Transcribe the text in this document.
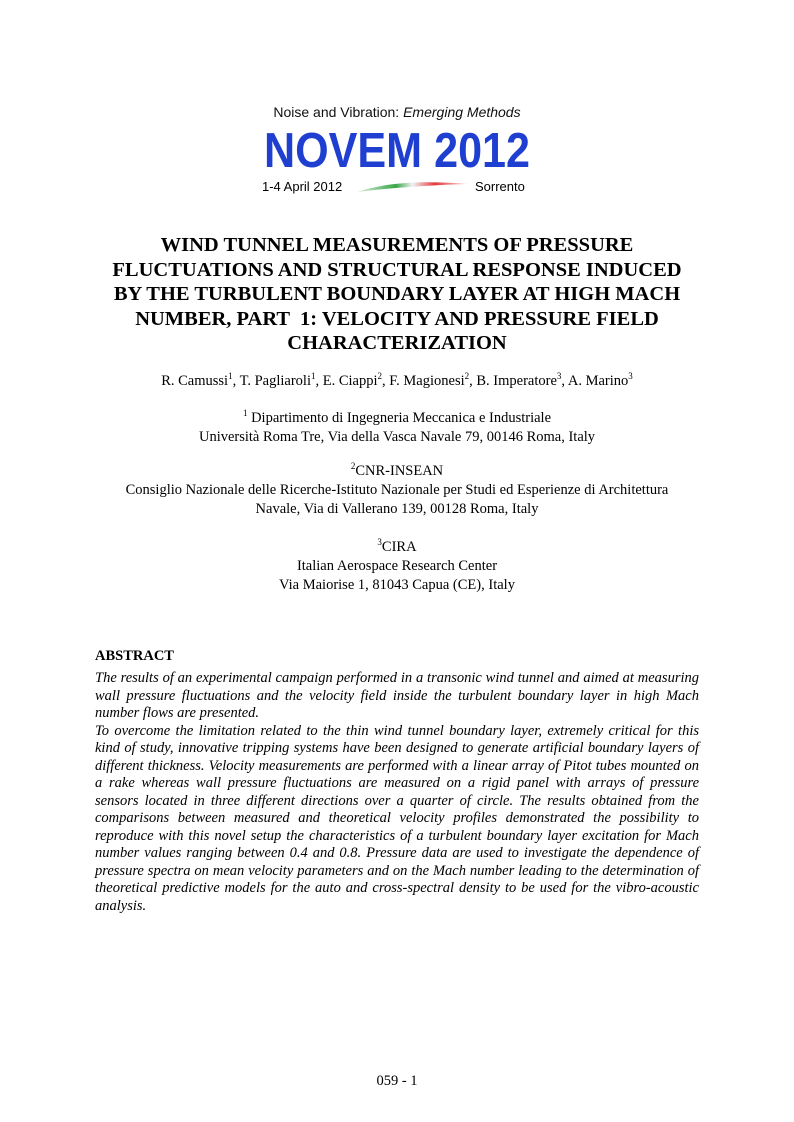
Noise and Vibration: Emerging Methods
NOVEM 2012
1-4 April 2012	Sorrento
WIND TUNNEL MEASUREMENTS OF PRESSURE
FLUCTUATIONS AND STRUCTURAL RESPONSE INDUCED
BY THE TURBULENT BOUNDARY LAYER AT HIGH MACH
NUMBER, PART  1: VELOCITY AND PRESSURE FIELD
CHARACTERIZATION
R. Camussi$^1$, T. Pagliaroli$^1$, E. Ciappi$^2$, F. Magionesi$^2$, B. Imperatore$^3$, A. Marino$^3$
$^1$ Dipartimento di Ingegneria Meccanica e Industriale
Università Roma Tre, Via della Vasca Navale 79, 00146 Roma, Italy
$^2$CNR-INSEAN
Consiglio Nazionale delle Ricerche-Istituto Nazionale per Studi ed Esperienze di Architettura
Navale, Via di Vallerano 139, 00128 Roma, Italy
$^3$CIRA
Italian Aerospace Research Center
Via Maiorise 1, 81043 Capua (CE), Italy
ABSTRACT

The results of an experimental campaign performed in a transonic wind tunnel and aimed at measuring wall pressure fluctuations and the velocity field inside the turbulent boundary layer in high Mach number flows are presented.

To overcome the limitation related to the thin wind tunnel boundary layer, extremely critical for this kind of study, innovative tripping systems have been designed to generate artificial boundary layers of different thickness. Velocity measurements are performed with a linear array of Pitot tubes mounted on a rake whereas wall pressure fluctuations are measured on a rigid panel with arrays of pressure sensors located in three different directions over a quarter of circle. The results obtained from the comparisons between measured and theoretical velocity profiles demonstrated the possibility to reproduce with this novel setup the characteristics of a turbulent boundary layer excitation for Mach number values ranging between 0.4 and 0.8. Pressure data are used to investigate the dependence of pressure spectra on mean velocity parameters and on the Mach number leading to the determination of theoretical predictive models for the auto and cross-spectral density to be used for the vibro-acoustic analysis.

059 - 1
